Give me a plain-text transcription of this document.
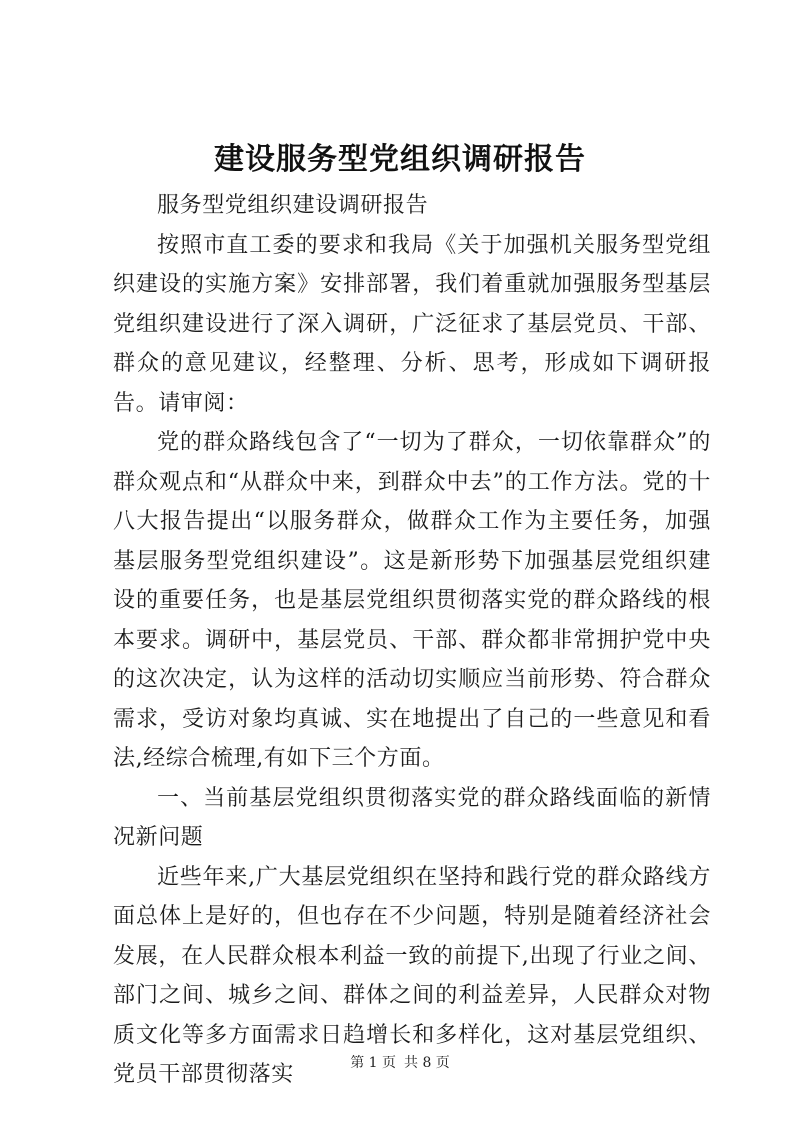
建设服务型党组织调研报告

服务型党组织建设调研报告

按照市直工委的要求和我局《关于加强机关服务型党组织建设的实施方案》安排部署，我们着重就加强服务型基层党组织建设进行了深入调研，广泛征求了基层党员、干部、群众的意见建议，经整理、分析、思考，形成如下调研报告。请审阅：

党的群众路线包含了“一切为了群众，一切依靠群众”的群众观点和“从群众中来，到群众中去”的工作方法。党的十八大报告提出“以服务群众，做群众工作为主要任务，加强基层服务型党组织建设”。这是新形势下加强基层党组织建设的重要任务，也是基层党组织贯彻落实党的群众路线的根本要求。调研中，基层党员、干部、群众都非常拥护党中央的这次决定，认为这样的活动切实顺应当前形势、符合群众需求，受访对象均真诚、实在地提出了自己的一些意见和看法,经综合梳理,有如下三个方面。

一、当前基层党组织贯彻落实党的群众路线面临的新情况新问题

近些年来,广大基层党组织在坚持和践行党的群众路线方面总体上是好的，但也存在不少问题，特别是随着经济社会发展，在人民群众根本利益一致的前提下,出现了行业之间、部门之间、城乡之间、群体之间的利益差异，人民群众对物质文化等多方面需求日趋增长和多样化，这对基层党组织、党员干部贯彻落实	第 1 页 共 8 页
